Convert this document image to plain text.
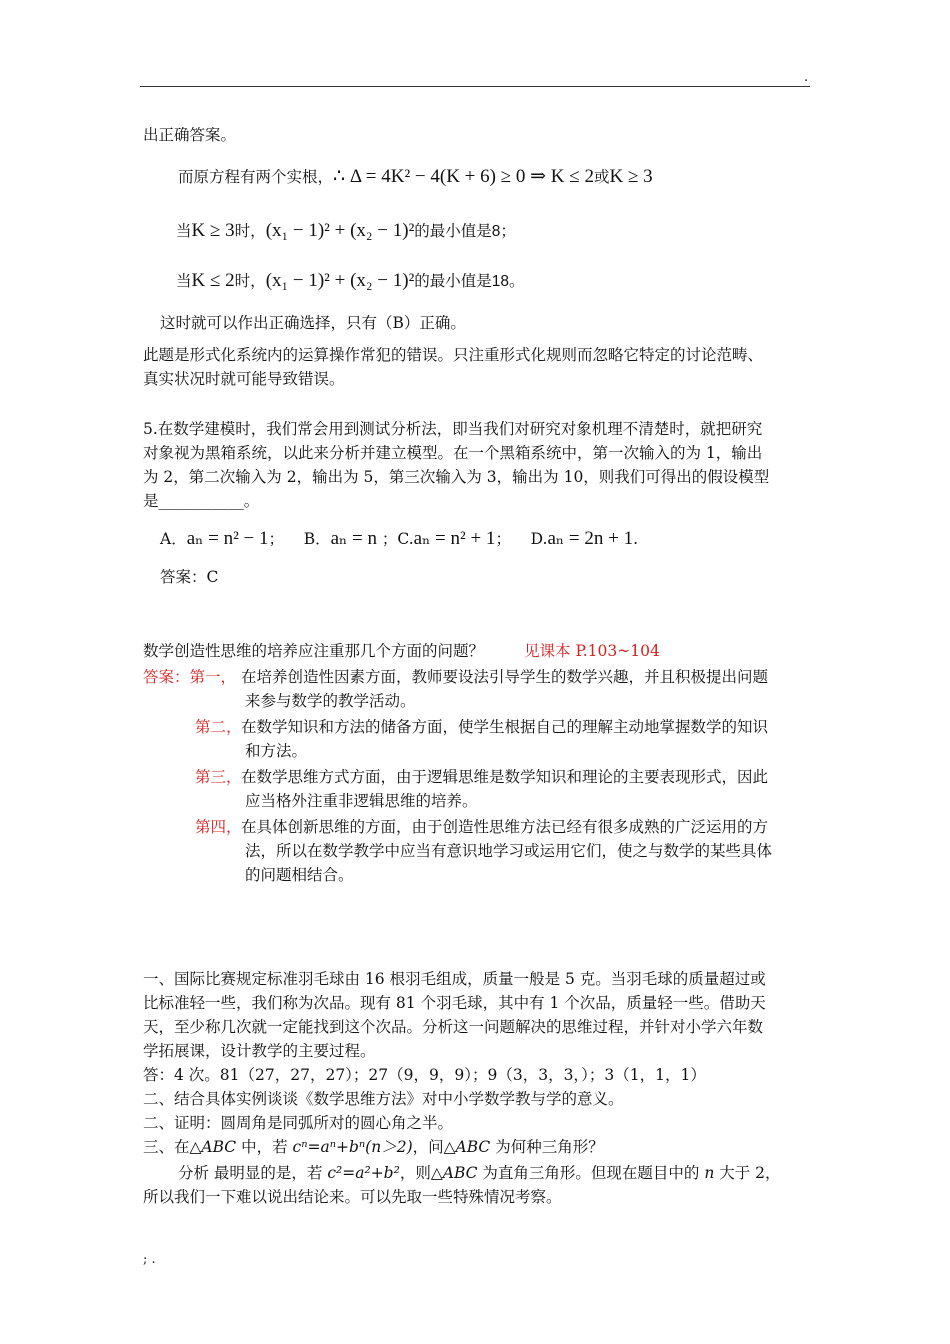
.
出正确答案。
而原方程有两个实根，∴ Δ = 4K² − 4(K + 6) ≥ 0 ⇒ K ≤ 2或K ≥ 3
当K ≥ 3时，(x₁ − 1)² + (x₂ − 1)²的最小值是8；
当K ≤ 2时，(x₁ − 1)² + (x₂ − 1)²的最小值是18。
这时就可以作出正确选择，只有（B）正确。
此题是形式化系统内的运算操作常犯的错误。只注重形式化规则而忽略它特定的讨论范畴、
真实状况时就可能导致错误。
5.在数学建模时，我们常会用到测试分析法，即当我们对研究对象机理不清楚时，就把研究
对象视为黑箱系统，以此来分析并建立模型。在一个黑箱系统中，第一次输入的为 1，输出
为 2，第二次输入为 2，输出为 5，第三次输入为 3，输出为 10，则我们可得出的假设模型
是___________。
A．aₙ = n² − 1； B．aₙ = n ；C.aₙ = n² + 1； D.aₙ = 2n + 1.
答案：C
数学创造性思维的培养应注重那几个方面的问题？	见课本 P.103~104
答案：第一， 在培养创造性因素方面，教师要设法引导学生的数学兴趣，并且积极提出问题
来参与数学的教学活动。
第二， 在数学知识和方法的储备方面，使学生根据自己的理解主动地掌握数学的知识
和方法。
第三， 在数学思维方式方面，由于逻辑思维是数学知识和理论的主要表现形式，因此
应当格外注重非逻辑思维的培养。
第四， 在具体创新思维的方面，由于创造性思维方法已经有很多成熟的广泛运用的方
法，所以在数学教学中应当有意识地学习或运用它们，使之与数学的某些具体
的问题相结合。
一、国际比赛规定标准羽毛球由 16 根羽毛组成，质量一般是 5 克。当羽毛球的质量超过或
比标准轻一些，我们称为次品。现有 81 个羽毛球，其中有 1 个次品，质量轻一些。借助天
天，至少称几次就一定能找到这个次品。分析这一问题解决的思维过程，并针对小学六年数
学拓展课，设计教学的主要过程。
答：4 次。81（27，27，27）；27（9，9，9）；9（3，3，3，）；3（1，1，1）
二、结合具体实例谈谈《数学思维方法》对中小学数学教与学的意义。
二、证明：圆周角是同弧所对的圆心角之半。
三、在△ABC 中，若 cⁿ=aⁿ+bⁿ(n＞2)，问△ABC 为何种三角形？
分析 最明显的是，若 c²=a²+b²，则△ABC 为直角三角形。但现在题目中的 n 大于 2，
所以我们一下难以说出结论来。可以先取一些特殊情况考察。
; .
